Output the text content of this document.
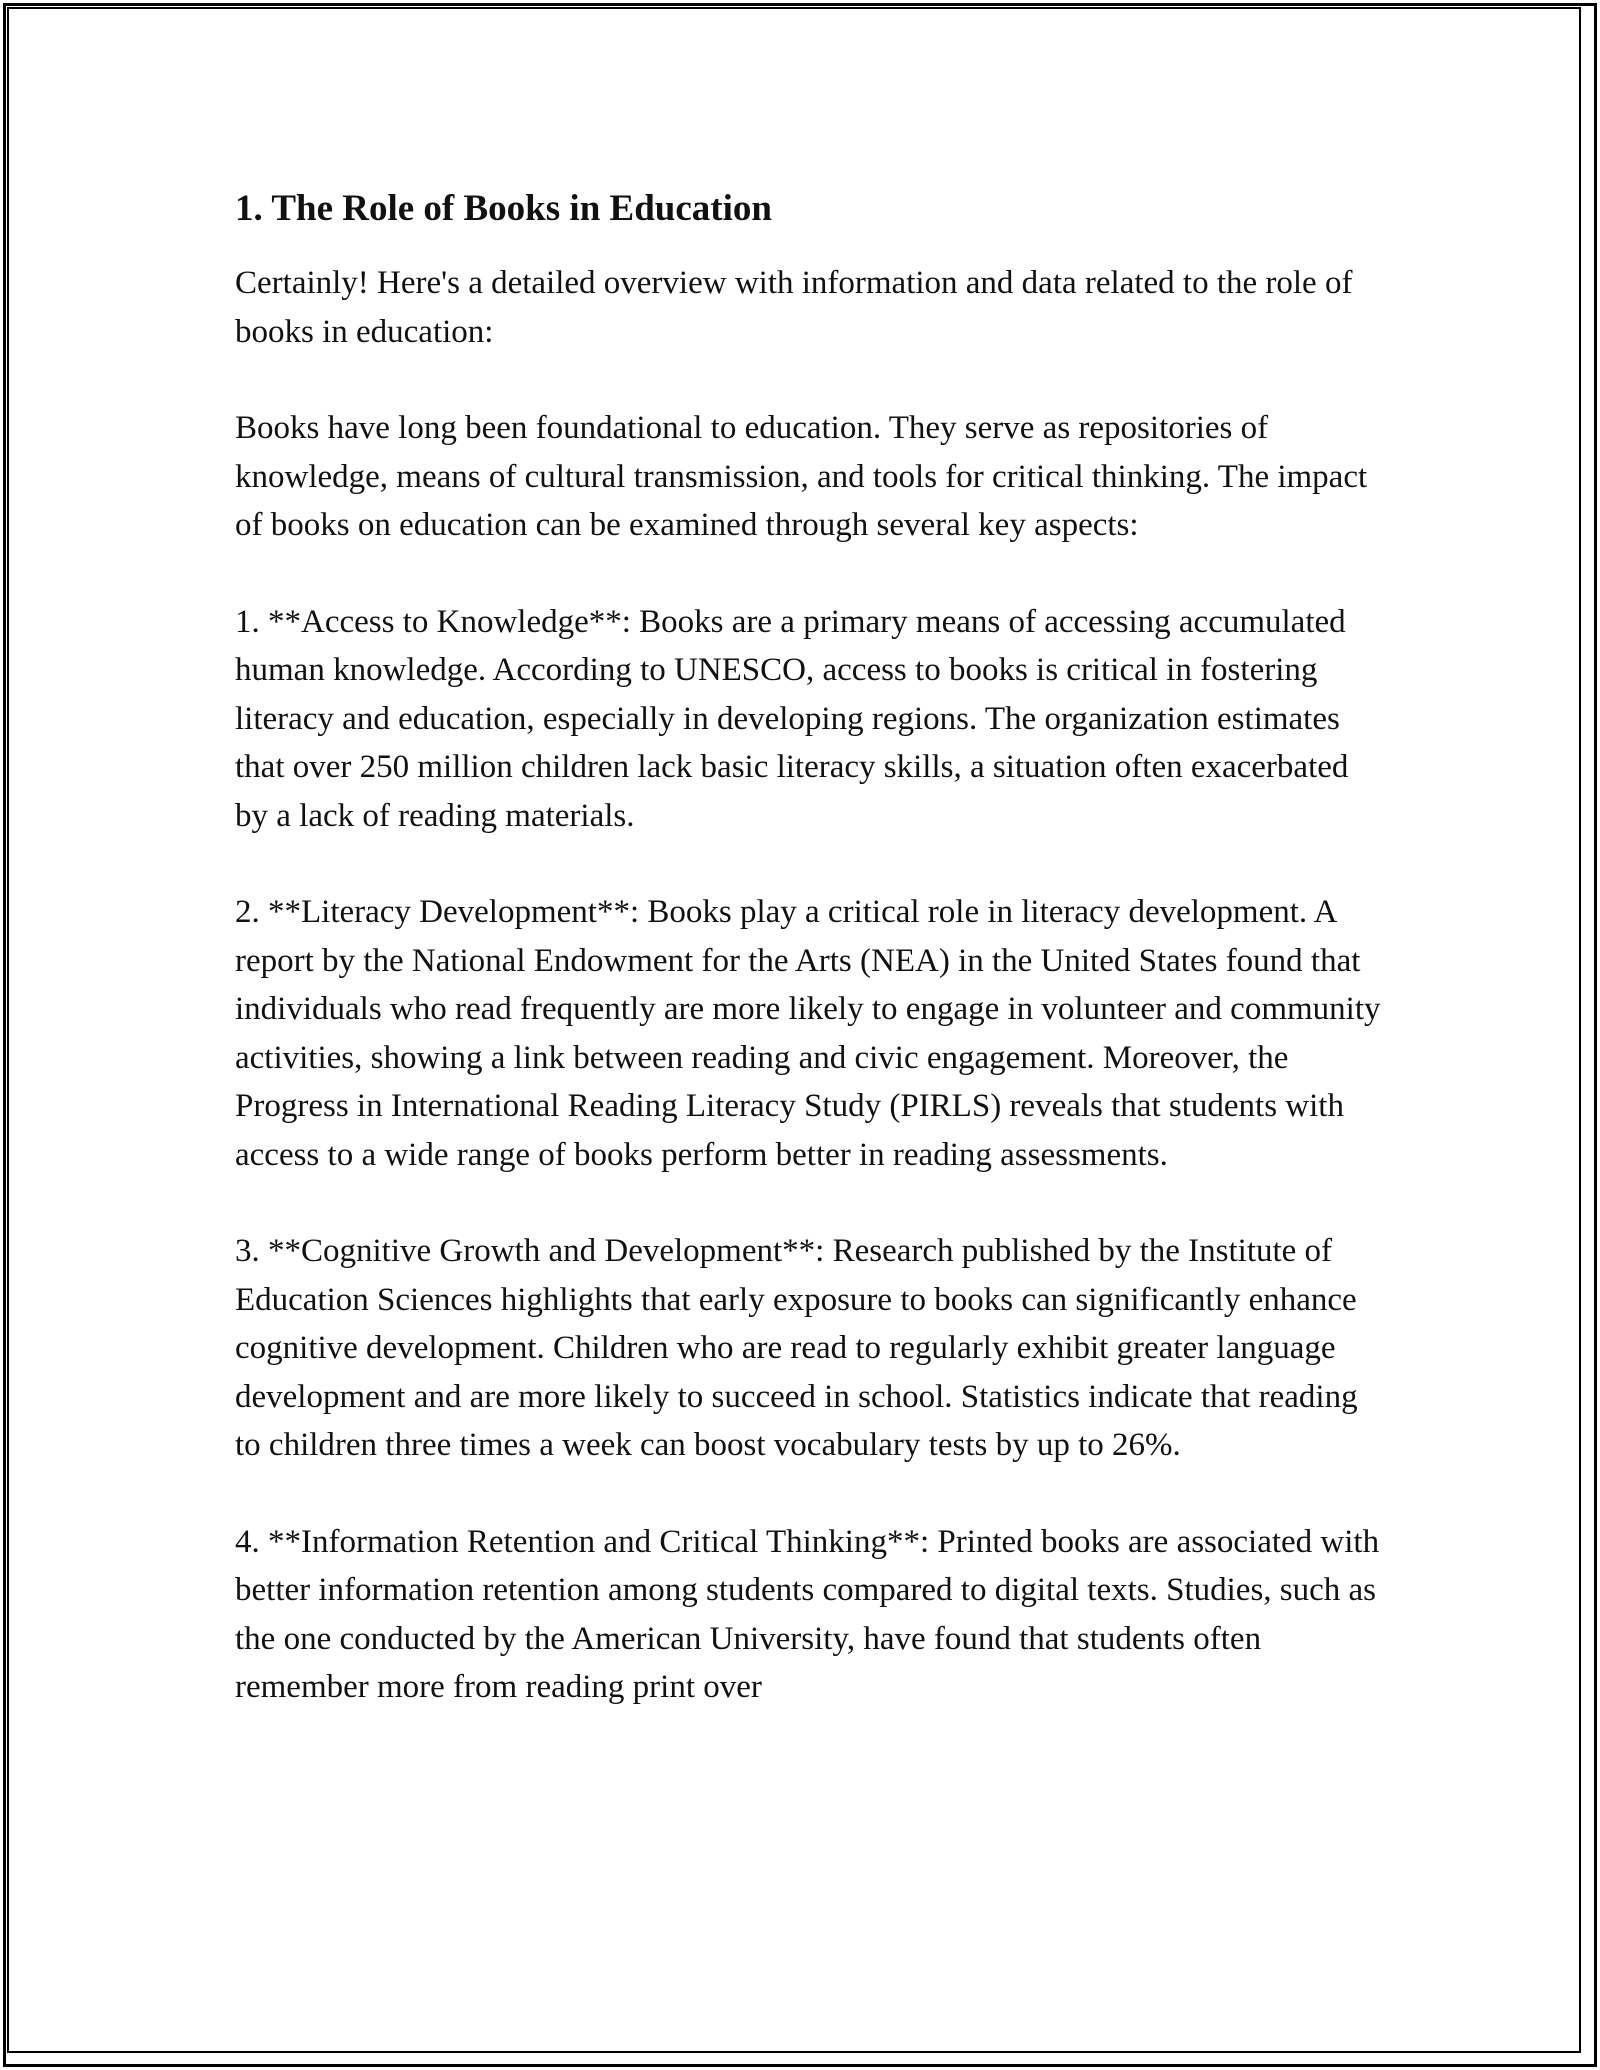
1. The Role of Books in Education

Certainly! Here's a detailed overview with information and data related to the role of books in education:

Books have long been foundational to education. They serve as repositories of knowledge, means of cultural transmission, and tools for critical thinking. The impact of books on education can be examined through several key aspects:

1. **Access to Knowledge**: Books are a primary means of accessing accumulated human knowledge. According to UNESCO, access to books is critical in fostering literacy and education, especially in developing regions. The organization estimates that over 250 million children lack basic literacy skills, a situation often exacerbated by a lack of reading materials.

2. **Literacy Development**: Books play a critical role in literacy development. A report by the National Endowment for the Arts (NEA) in the United States found that individuals who read frequently are more likely to engage in volunteer and community activities, showing a link between reading and civic engagement. Moreover, the Progress in International Reading Literacy Study (PIRLS) reveals that students with access to a wide range of books perform better in reading assessments.

3. **Cognitive Growth and Development**: Research published by the Institute of Education Sciences highlights that early exposure to books can significantly enhance cognitive development. Children who are read to regularly exhibit greater language development and are more likely to succeed in school. Statistics indicate that reading to children three times a week can boost vocabulary tests by up to 26%.

4. **Information Retention and Critical Thinking**: Printed books are associated with better information retention among students compared to digital texts. Studies, such as the one conducted by the American University, have found that students often remember more from reading print over
